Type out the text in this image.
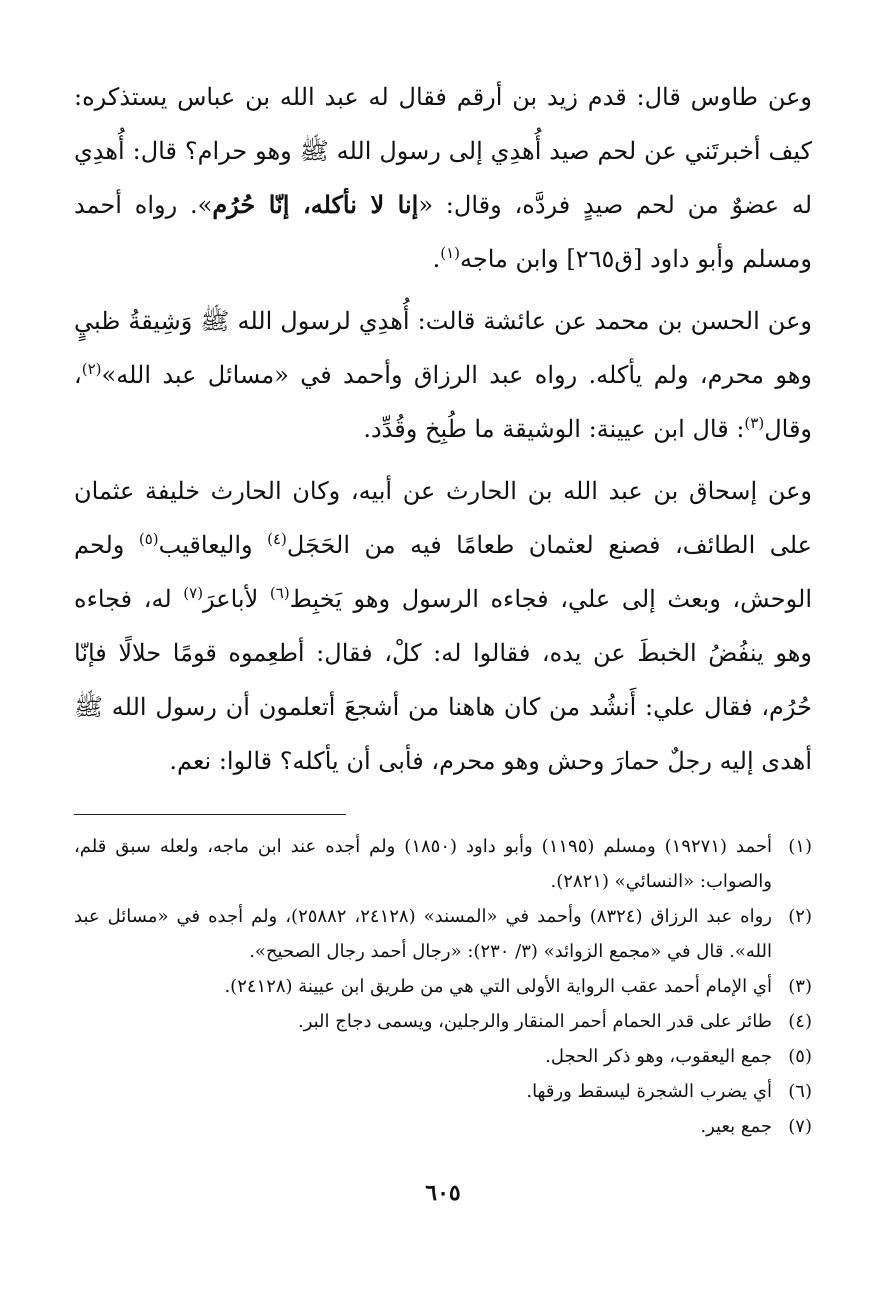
وعن طاوس قال: قدم زيد بن أرقم فقال له عبد الله بن عباس يستذكره: كيف أخبرتَني عن لحم صيد أُهدِي إلى رسول الله ﷺ وهو حرام؟ قال: أُهدِي له عضوٌ من لحم صيدٍ فردَّه، وقال: «إنا لا نأكله، إنّا حُرُم». رواه أحمد ومسلم وأبو داود [ق٢٦٥] وابن ماجه$^{(١)}$.

وعن الحسن بن محمد عن عائشة قالت: أُهدِي لرسول الله ﷺ وَشِيقةُ ظبيٍ وهو محرم، ولم يأكله. رواه عبد الرزاق وأحمد في «مسائل عبد الله»$^{(٢)}$، وقال$^{(٣)}$: قال ابن عيينة: الوشيقة ما طُبِخ وقُدِّد.

وعن إسحاق بن عبد الله بن الحارث عن أبيه، وكان الحارث خليفة عثمان على الطائف، فصنع لعثمان طعامًا فيه من الحَجَل$^{(٤)}$ واليعاقيب$^{(٥)}$ ولحم الوحش، وبعث إلى علي، فجاءه الرسول وهو يَخبِط$^{(٦)}$ لأباعرَ$^{(٧)}$ له، فجاءه وهو ينفُضُ الخبطَ عن يده، فقالوا له: كلْ، فقال: أطعِموه قومًا حلالًا فإنّا حُرُم، فقال علي: أَنشُد من كان هاهنا من أشجعَ أتعلمون أن رسول الله ﷺ أهدى إليه رجلٌ حمارَ وحش وهو محرم، فأبى أن يأكله؟ قالوا: نعم.

(١)
أحمد (١٩٢٧١) ومسلم (١١٩٥) وأبو داود (١٨٥٠) ولم أجده عند ابن ماجه، ولعله سبق قلم، والصواب: «النسائي» (٢٨٢١).
(٢)
رواه عبد الرزاق (٨٣٢٤) وأحمد في «المسند» (٢٤١٢٨، ٢٥٨٨٢)، ولم أجده في «مسائل عبد الله». قال في «مجمع الزوائد» (٣/ ٢٣٠): «رجال أحمد رجال الصحيح».
(٣)
أي الإمام أحمد عقب الرواية الأولى التي هي من طريق ابن عيينة (٢٤١٢٨).
(٤)
طائر على قدر الحمام أحمر المنقار والرجلين، ويسمى دجاج البر.
(٥)
جمع اليعقوب، وهو ذكر الحجل.
(٦)
أي يضرب الشجرة ليسقط ورقها.
(٧)
جمع بعير.
٦٠٥
